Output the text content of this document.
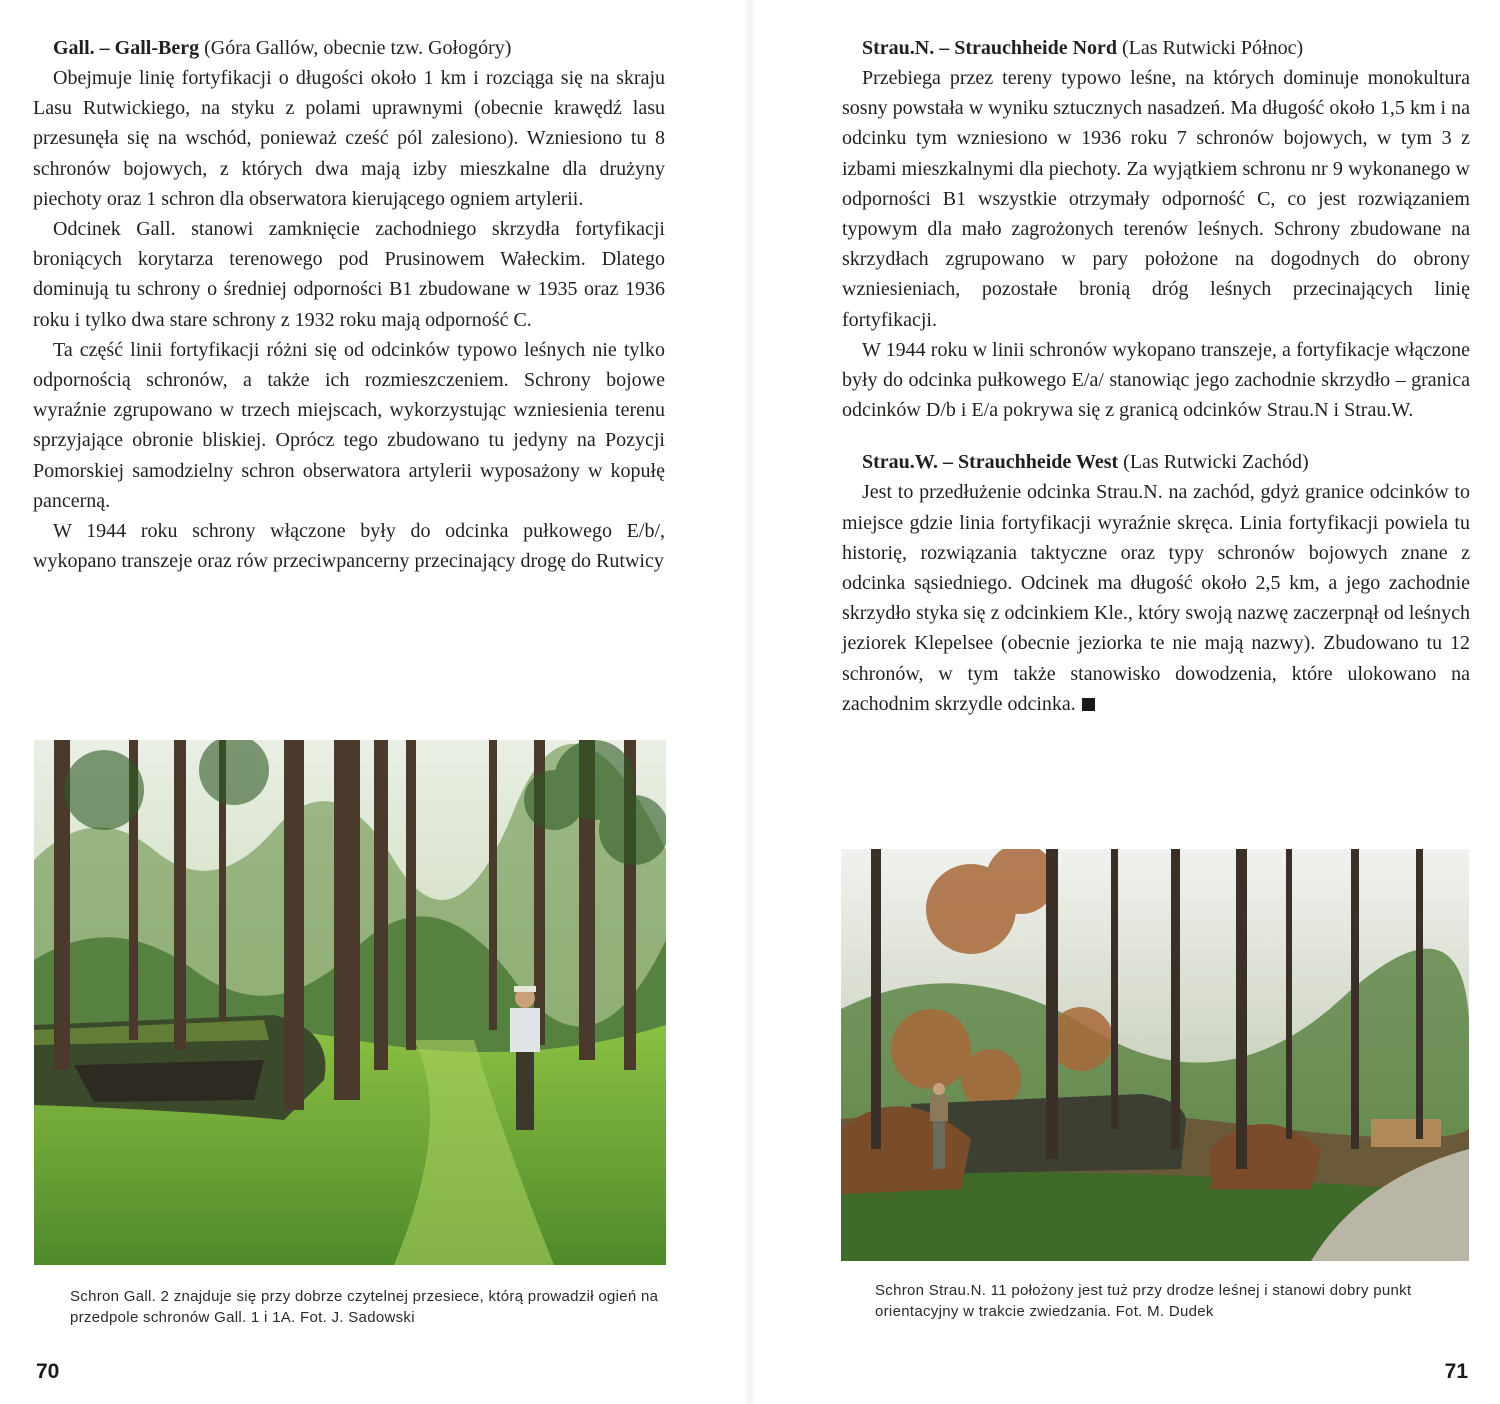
Gall. – Gall-Berg (Góra Gallów, obecnie tzw. Gołogóry)

Obejmuje linię fortyfikacji o długości około 1 km i rozciąga się na skraju Lasu Rutwickiego, na styku z polami uprawnymi (obecnie krawędź lasu przesunęła się na wschód, ponieważ cześć pól zalesiono). Wzniesiono tu 8 schronów bojowych, z których dwa mają izby mieszkalne dla drużyny piechoty oraz 1 schron dla obserwatora kierującego ogniem artylerii.

Odcinek Gall. stanowi zamknięcie zachodniego skrzydła fortyfikacji broniących korytarza terenowego pod Prusinowem Wałeckim. Dlatego dominują tu schrony o średniej odporności B1 zbudowane w 1935 oraz 1936 roku i tylko dwa stare schrony z 1932 roku mają odporność C.

Ta część linii fortyfikacji różni się od odcinków typowo leśnych nie tylko odpornością schronów, a także ich rozmieszczeniem. Schrony bojowe wyraźnie zgrupowano w trzech miejscach, wykorzystując wzniesienia terenu sprzyjające obronie bliskiej. Oprócz tego zbudowano tu jedyny na Pozycji Pomorskiej samodzielny schron obserwatora artylerii wyposażony w kopułę pancerną.

W 1944 roku schrony włączone były do odcinka pułkowego E/b/, wykopano transzeje oraz rów przeciwpancerny przecinający drogę do Rutwicy

Schron Gall. 2 znajduje się przy dobrze czytelnej przesiece, którą prowadził ogień na przedpole schronów Gall. 1 i 1A. Fot. J. Sadowski
70
Strau.N. – Strauchheide Nord (Las Rutwicki Północ)

Przebiega przez tereny typowo leśne, na których dominuje monokultura sosny powstała w wyniku sztucznych nasadzeń. Ma długość około 1,5 km i na odcinku tym wzniesiono w 1936 roku 7 schronów bojowych, w tym 3 z izbami mieszkalnymi dla piechoty. Za wyjątkiem schronu nr 9 wykonanego w odporności B1 wszystkie otrzymały odporność C, co jest rozwiązaniem typowym dla mało zagrożonych terenów leśnych. Schrony zbudowane na skrzydłach zgrupowano w pary położone na dogodnych do obrony wzniesieniach, pozostałe bronią dróg leśnych przecinających linię fortyfikacji.

W 1944 roku w linii schronów wykopano transzeje, a fortyfikacje włączone były do odcinka pułkowego E/a/ stanowiąc jego zachodnie skrzydło – granica odcinków D/b i E/a pokrywa się z granicą odcinków Strau.N i Strau.W.

Strau.W. – Strauchheide West (Las Rutwicki Zachód)

Jest to przedłużenie odcinka Strau.N. na zachód, gdyż granice odcinków to miejsce gdzie linia fortyfikacji wyraźnie skręca. Linia fortyfikacji powiela tu historię, rozwiązania taktyczne oraz typy schronów bojowych znane z odcinka sąsiedniego. Odcinek ma długość około 2,5 km, a jego zachodnie skrzydło styka się z odcinkiem Kle., który swoją nazwę zaczerpnął od leśnych jeziorek Klepelsee (obecnie jeziorka te nie mają nazwy). Zbudowano tu 12 schronów, w tym także stanowisko dowodzenia, które ulokowano na zachodnim skrzydle odcinka.

Schron Strau.N. 11 położony jest tuż przy drodze leśnej i stanowi dobry punkt orientacyjny w trakcie zwiedzania. Fot. M. Dudek
71
